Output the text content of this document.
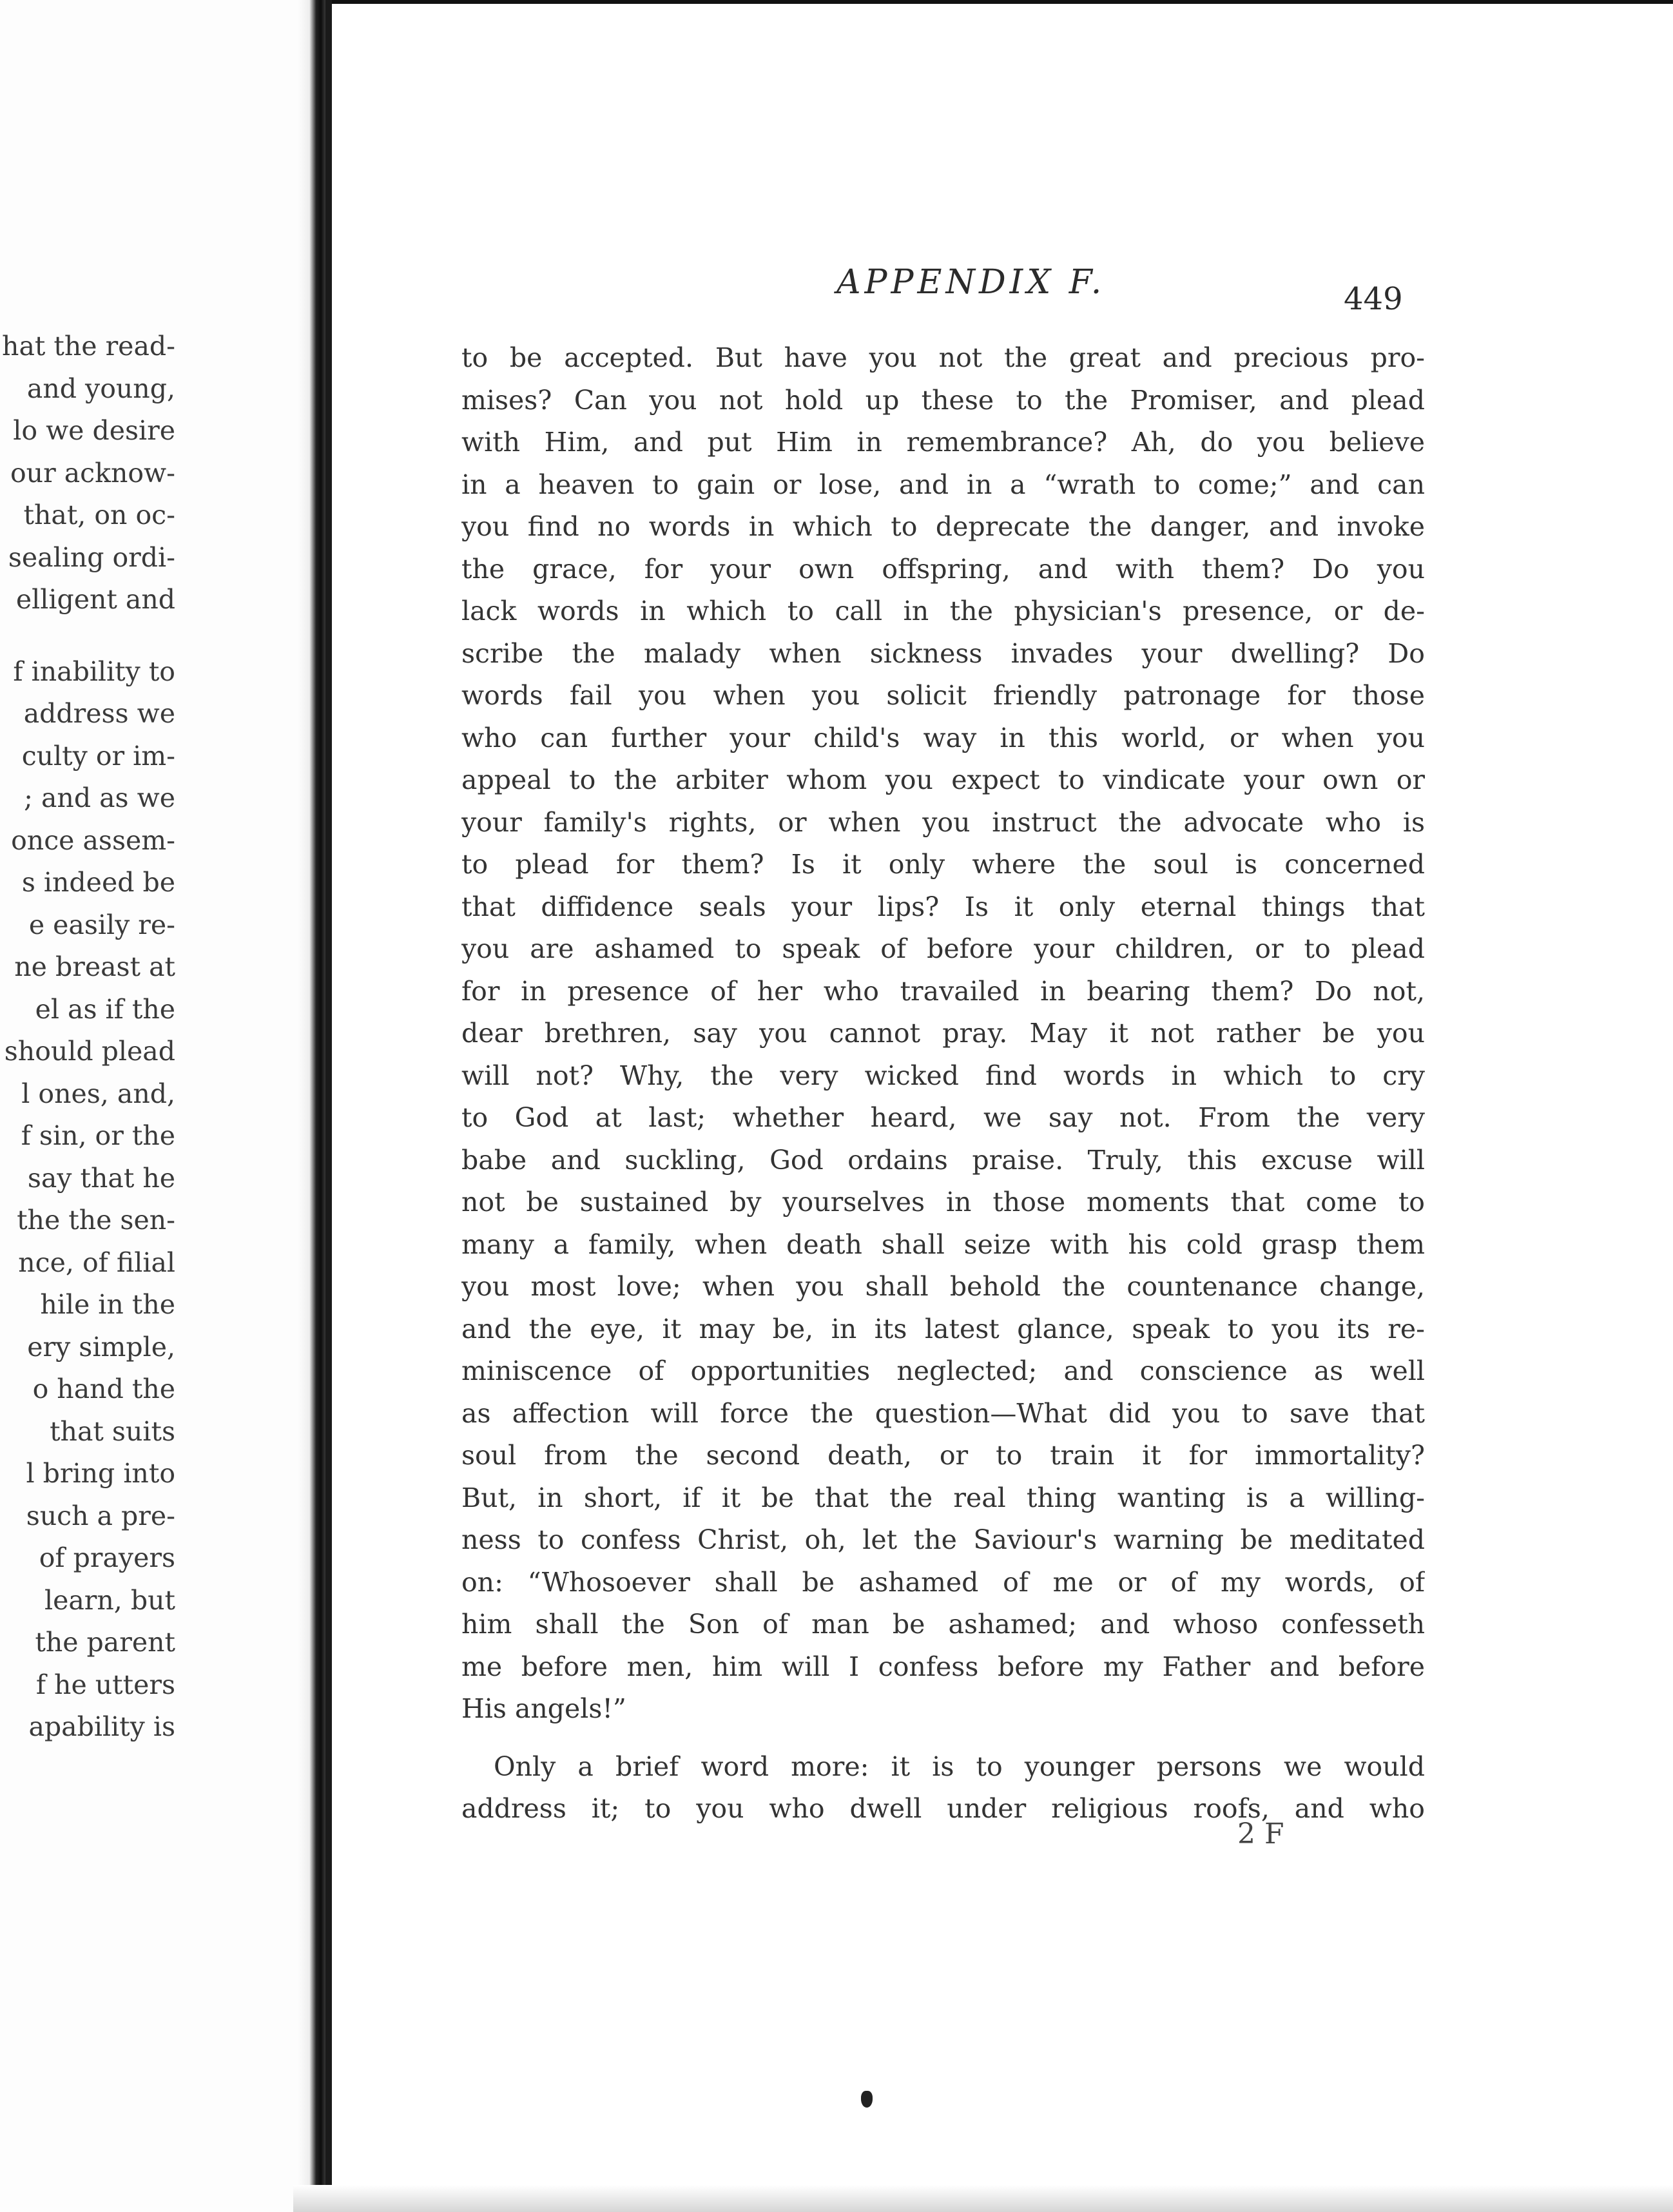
hat the read-
and young,
lo we desire
our acknow-
that, on oc-
sealing ordi-
elligent and
f inability to
address we
culty or im-
; and as we
once assem-
s indeed be
e easily re-
ne breast at
el as if the
should plead
l ones, and,
f sin, or the
say that he
the the sen-
nce, of filial
hile in the
ery simple,
o hand the
that suits
l bring into
such a pre-
of prayers
learn, but
the parent
f he utters
apability is
APPENDIX F.	449
to be accepted. But have you not the great and precious pro-
mises? Can you not hold up these to the Promiser, and plead
with Him, and put Him in remembrance? Ah, do you believe
in a heaven to gain or lose, and in a “wrath to come;” and can
you find no words in which to deprecate the danger, and invoke
the grace, for your own offspring, and with them? Do you
lack words in which to call in the physician's presence, or de-
scribe the malady when sickness invades your dwelling? Do
words fail you when you solicit friendly patronage for those
who can further your child's way in this world, or when you
appeal to the arbiter whom you expect to vindicate your own or
your family's rights, or when you instruct the advocate who is
to plead for them? Is it only where the soul is concerned
that diffidence seals your lips? Is it only eternal things that
you are ashamed to speak of before your children, or to plead
for in presence of her who travailed in bearing them? Do not,
dear brethren, say you cannot pray. May it not rather be you
will not? Why, the very wicked find words in which to cry
to God at last; whether heard, we say not. From the very
babe and suckling, God ordains praise. Truly, this excuse will
not be sustained by yourselves in those moments that come to
many a family, when death shall seize with his cold grasp them
you most love; when you shall behold the countenance change,
and the eye, it may be, in its latest glance, speak to you its re-
miniscence of opportunities neglected; and conscience as well
as affection will force the question—What did you to save that
soul from the second death, or to train it for immortality?
But, in short, if it be that the real thing wanting is a willing-
ness to confess Christ, oh, let the Saviour's warning be meditated
on: “Whosoever shall be ashamed of me or of my words, of
him shall the Son of man be ashamed; and whoso confesseth
me before men, him will I confess before my Father and before
His angels!”
Only a brief word more: it is to younger persons we would
address it; to you who dwell under religious roofs, and who
2 F
